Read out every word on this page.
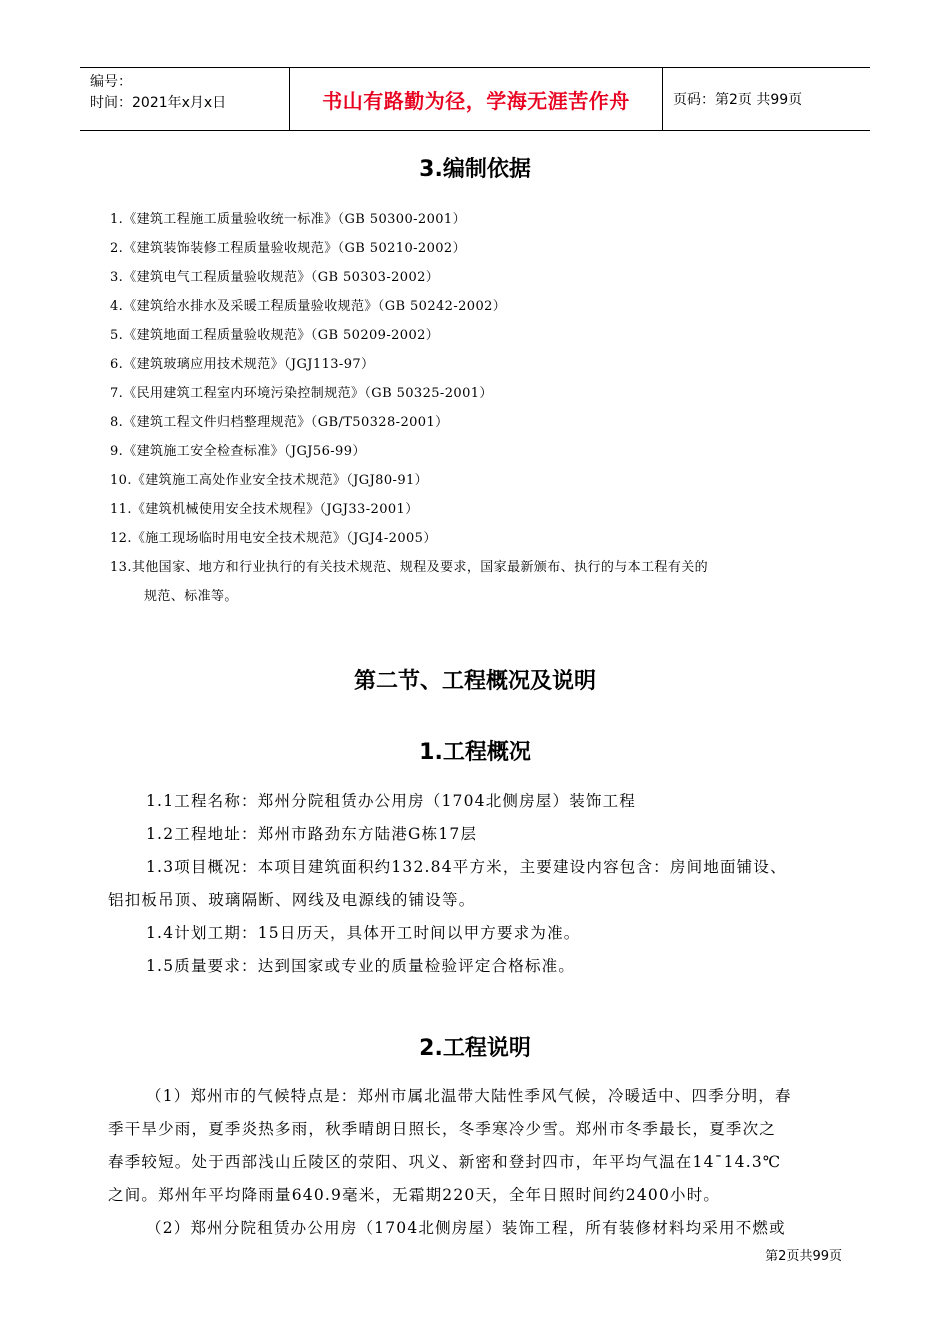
编号：
时间：2021年x月x日	书山有路勤为径，学海无涯苦作舟	页码：第2页 共99页
3.编制依据
1.《建筑工程施工质量验收统一标准》（GB 50300-2001）
2.《建筑装饰装修工程质量验收规范》（GB 50210-2002）
3.《建筑电气工程质量验收规范》（GB 50303-2002）
4.《建筑给水排水及采暖工程质量验收规范》（GB 50242-2002）
5.《建筑地面工程质量验收规范》（GB 50209-2002）
6.《建筑玻璃应用技术规范》（JGJ113-97）
7.《民用建筑工程室内环境污染控制规范》（GB 50325-2001）
8.《建筑工程文件归档整理规范》（GB/T50328-2001）
9.《建筑施工安全检查标准》（JGJ56-99）
10.《建筑施工高处作业安全技术规范》（JGJ80-91）
11.《建筑机械使用安全技术规程》（JGJ33-2001）
12.《施工现场临时用电安全技术规范》（JGJ4-2005）
13.其他国家、地方和行业执行的有关技术规范、规程及要求，国家最新颁布、执行的与本工程有关的
规范、标准等。
第二节、工程概况及说明
1.工程概况

1.1工程名称：郑州分院租赁办公用房（1704北侧房屋）装饰工程

1.2工程地址：郑州市路劲东方陆港G栋17层

1.3项目概况：本项目建筑面积约132.84平方米，主要建设内容包含：房间地面铺设、

铝扣板吊顶、玻璃隔断、网线及电源线的铺设等。

1.4计划工期：15日历天，具体开工时间以甲方要求为准。

1.5质量要求：达到国家或专业的质量检验评定合格标准。

2.工程说明

（1）郑州市的气候特点是：郑州市属北温带大陆性季风气候，冷暖适中、四季分明，春

季干旱少雨，夏季炎热多雨，秋季晴朗日照长，冬季寒冷少雪。郑州市冬季最长，夏季次之

春季较短。处于西部浅山丘陵区的荥阳、巩义、新密和登封四市，年平均气温在14¯14.3℃

之间。郑州年平均降雨量640.9毫米，无霜期220天，全年日照时间约2400小时。

（2）郑州分院租赁办公用房（1704北侧房屋）装饰工程，所有装修材料均采用不燃或

第2页共99页
